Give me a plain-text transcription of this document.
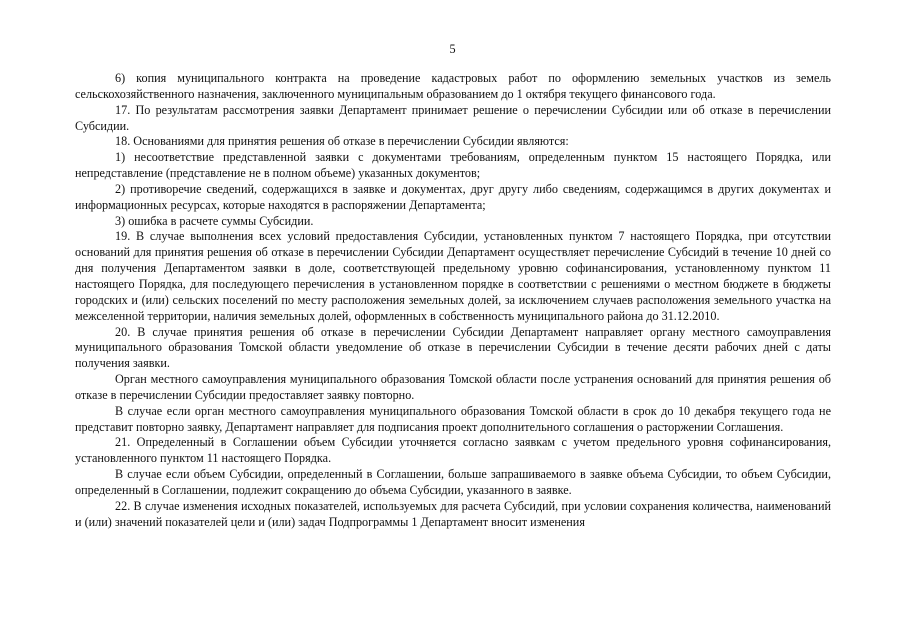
5

6) копия муниципального контракта на проведение кадастровых работ по оформлению земельных участков из земель сельскохозяйственного назначения, заключенного муниципальным образованием до 1 октября текущего финансового года.

17. По результатам рассмотрения заявки Департамент принимает решение о перечислении Субсидии или об отказе в перечислении Субсидии.

18. Основаниями для принятия решения об отказе в перечислении Субсидии являются:

1) несоответствие представленной заявки с документами требованиям, определенным пунктом 15 настоящего Порядка, или непредставление (представление не в полном объеме) указанных документов;

2) противоречие сведений, содержащихся в заявке и документах, друг другу либо сведениям, содержащимся в других документах и информационных ресурсах, которые находятся в распоряжении Департамента;

3) ошибка в расчете суммы Субсидии.

19. В случае выполнения всех условий предоставления Субсидии, установленных пунктом 7 настоящего Порядка, при отсутствии оснований для принятия решения об отказе в перечислении Субсидии Департамент осуществляет перечисление Субсидий в течение 10 дней со дня получения Департаментом заявки в доле, соответствующей предельному уровню софинансирования, установленному пунктом 11 настоящего Порядка, для последующего перечисления в установленном порядке в соответствии с решениями о местном бюджете в бюджеты городских и (или) сельских поселений по месту расположения земельных долей, за исключением случаев расположения земельного участка на межселенной территории, наличия земельных долей, оформленных в собственность муниципального района до 31.12.2010.

20. В случае принятия решения об отказе в перечислении Субсидии Департамент направляет органу местного самоуправления муниципального образования Томской области уведомление об отказе в перечислении Субсидии в течение десяти рабочих дней с даты получения заявки.

Орган местного самоуправления муниципального образования Томской области после устранения оснований для принятия решения об отказе в перечислении Субсидии предоставляет заявку повторно.

В случае если орган местного самоуправления муниципального образования Томской области в срок до 10 декабря текущего года не представит повторно заявку, Департамент направляет для подписания проект дополнительного соглашения о расторжении Соглашения.

21. Определенный в Соглашении объем Субсидии уточняется согласно заявкам с учетом предельного уровня софинансирования, установленного пунктом 11 настоящего Порядка.

В случае если объем Субсидии, определенный в Соглашении, больше запрашиваемого в заявке объема Субсидии, то объем Субсидии, определенный в Соглашении, подлежит сокращению до объема Субсидии, указанного в заявке.

22. В случае изменения исходных показателей, используемых для расчета Субсидий, при условии сохранения количества, наименований и (или) значений показателей цели и (или) задач Подпрограммы 1 Департамент вносит изменения
